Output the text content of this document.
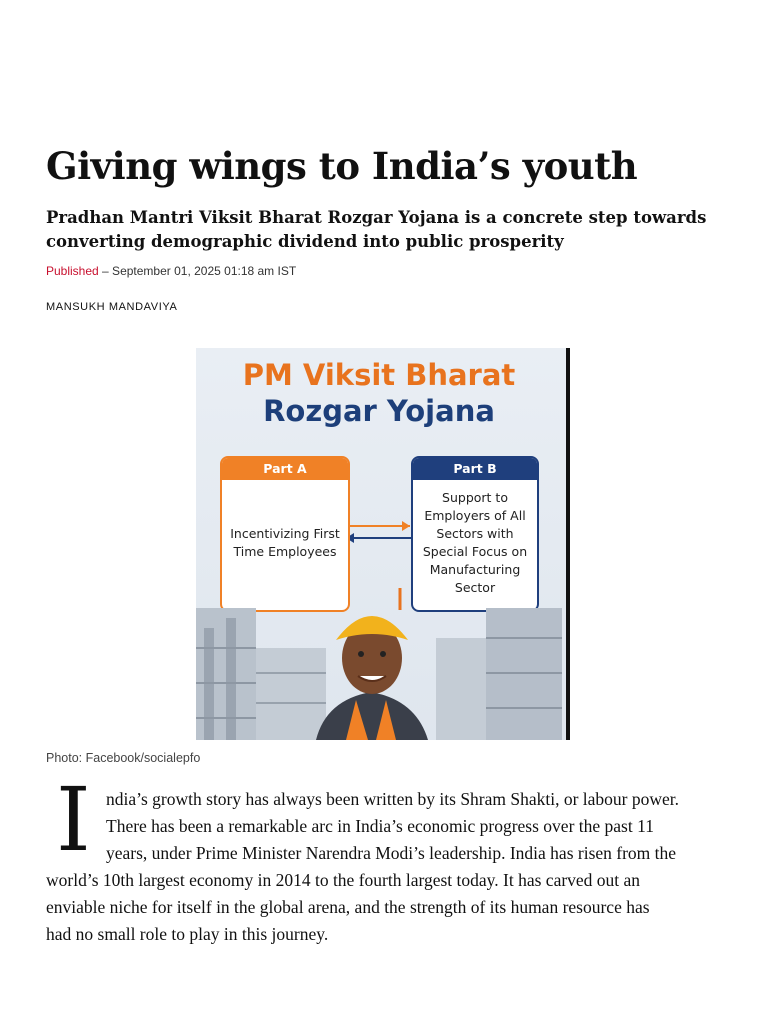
Giving wings to India’s youth

Pradhan Mantri Viksit Bharat Rozgar Yojana is a concrete step towards converting demographic dividend into public prosperity

Published – September 01, 2025 01:18 am IST
MANSUKH MANDAVIYA
PM Viksit Bharat
Rozgar Yojana
Part A
Incentivizing First Time Employees
Part B
Support to Employers of All Sectors with Special Focus on Manufacturing Sector
Photo: Facebook/socialepfo
I ndia’s growth story has always been written by its Shram Shakti, or labour power.
There has been a remarkable arc in India’s economic progress over the past 11
years, under Prime Minister Narendra Modi’s leadership. India has risen from the
world’s 10th largest economy in 2014 to the fourth largest today. It has carved out an
enviable niche for itself in the global arena, and the strength of its human resource has
had no small role to play in this journey.
